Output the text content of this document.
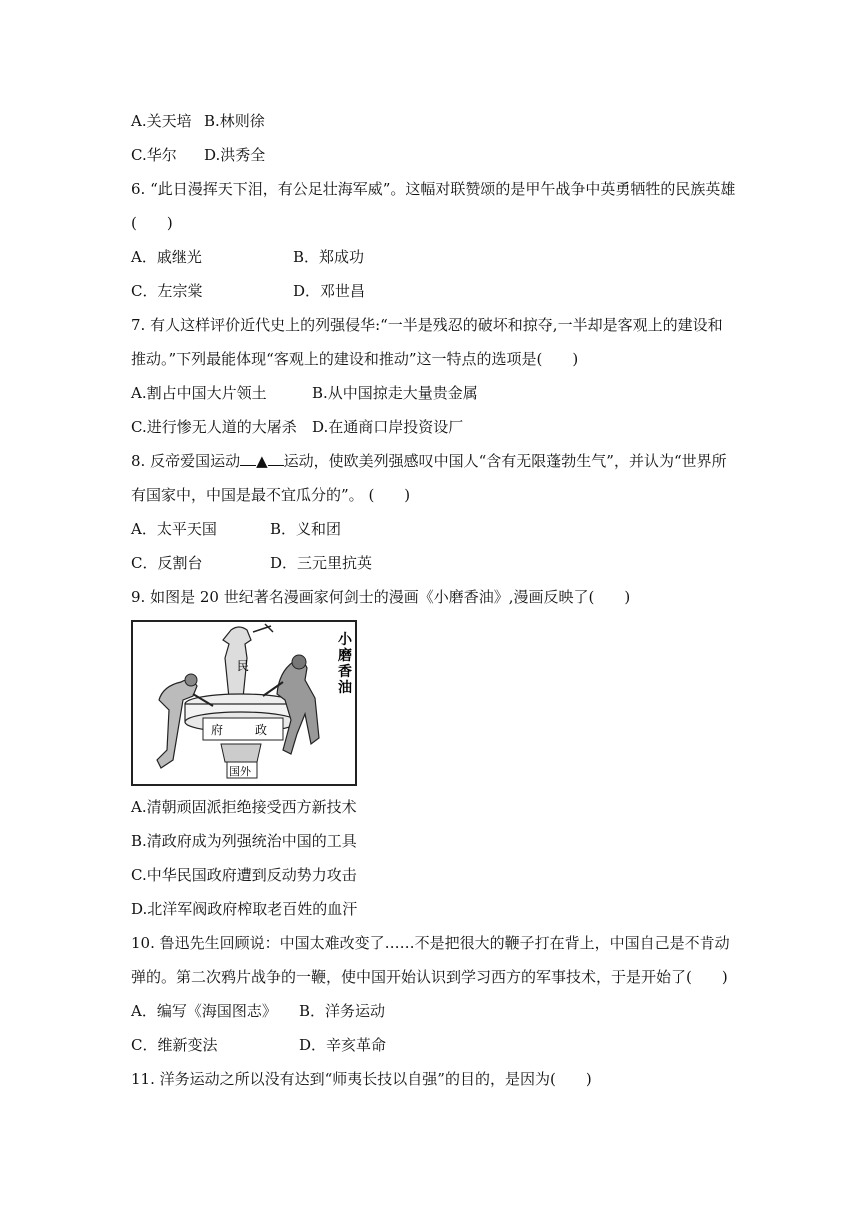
A.关天培 B.林则徐
C.华尔 D.洪秀全
6. “此日漫挥天下泪，有公足壮海军威”。这幅对联赞颂的是甲午战争中英勇牺牲的民族英雄
(　　)
A．戚继光	B．郑成功
C．左宗棠	D．邓世昌
7. 有人这样评价近代史上的列强侵华:“一半是残忍的破坏和掠夺,一半却是客观上的建设和
推动。”下列最能体现“客观上的建设和推动”这一特点的选项是(　　)
A.割占中国大片领土	B.从中国掠走大量贵金属
C.进行惨无人道的大屠杀 D.在通商口岸投资设厂
8. 反帝爱国运动 ▲ 运动，使欧美列强感叹中国人“含有无限蓬勃生气”，并认为“世界所
有国家中，中国是最不宜瓜分的”。 (　　)
A．太平天国	B．义和团
C．反割台	D．三元里抗英
9. 如图是 20 世纪著名漫画家何剑士的漫画《小磨香油》,漫画反映了(　　)
小
磨
香
油
民
府	政
国外
A.清朝顽固派拒绝接受西方新技术
B.清政府成为列强统治中国的工具
C.中华民国政府遭到反动势力攻击
D.北洋军阀政府榨取老百姓的血汗
10. 鲁迅先生回顾说：中国太难改变了……不是把很大的鞭子打在背上，中国自己是不肯动
弹的。第二次鸦片战争的一鞭，使中国开始认识到学习西方的军事技术，于是开始了(　　)
A．编写《海国图志》 B．洋务运动
C．维新变法	D．辛亥革命
11. 洋务运动之所以没有达到“师夷长技以自强”的目的，是因为(　　)
